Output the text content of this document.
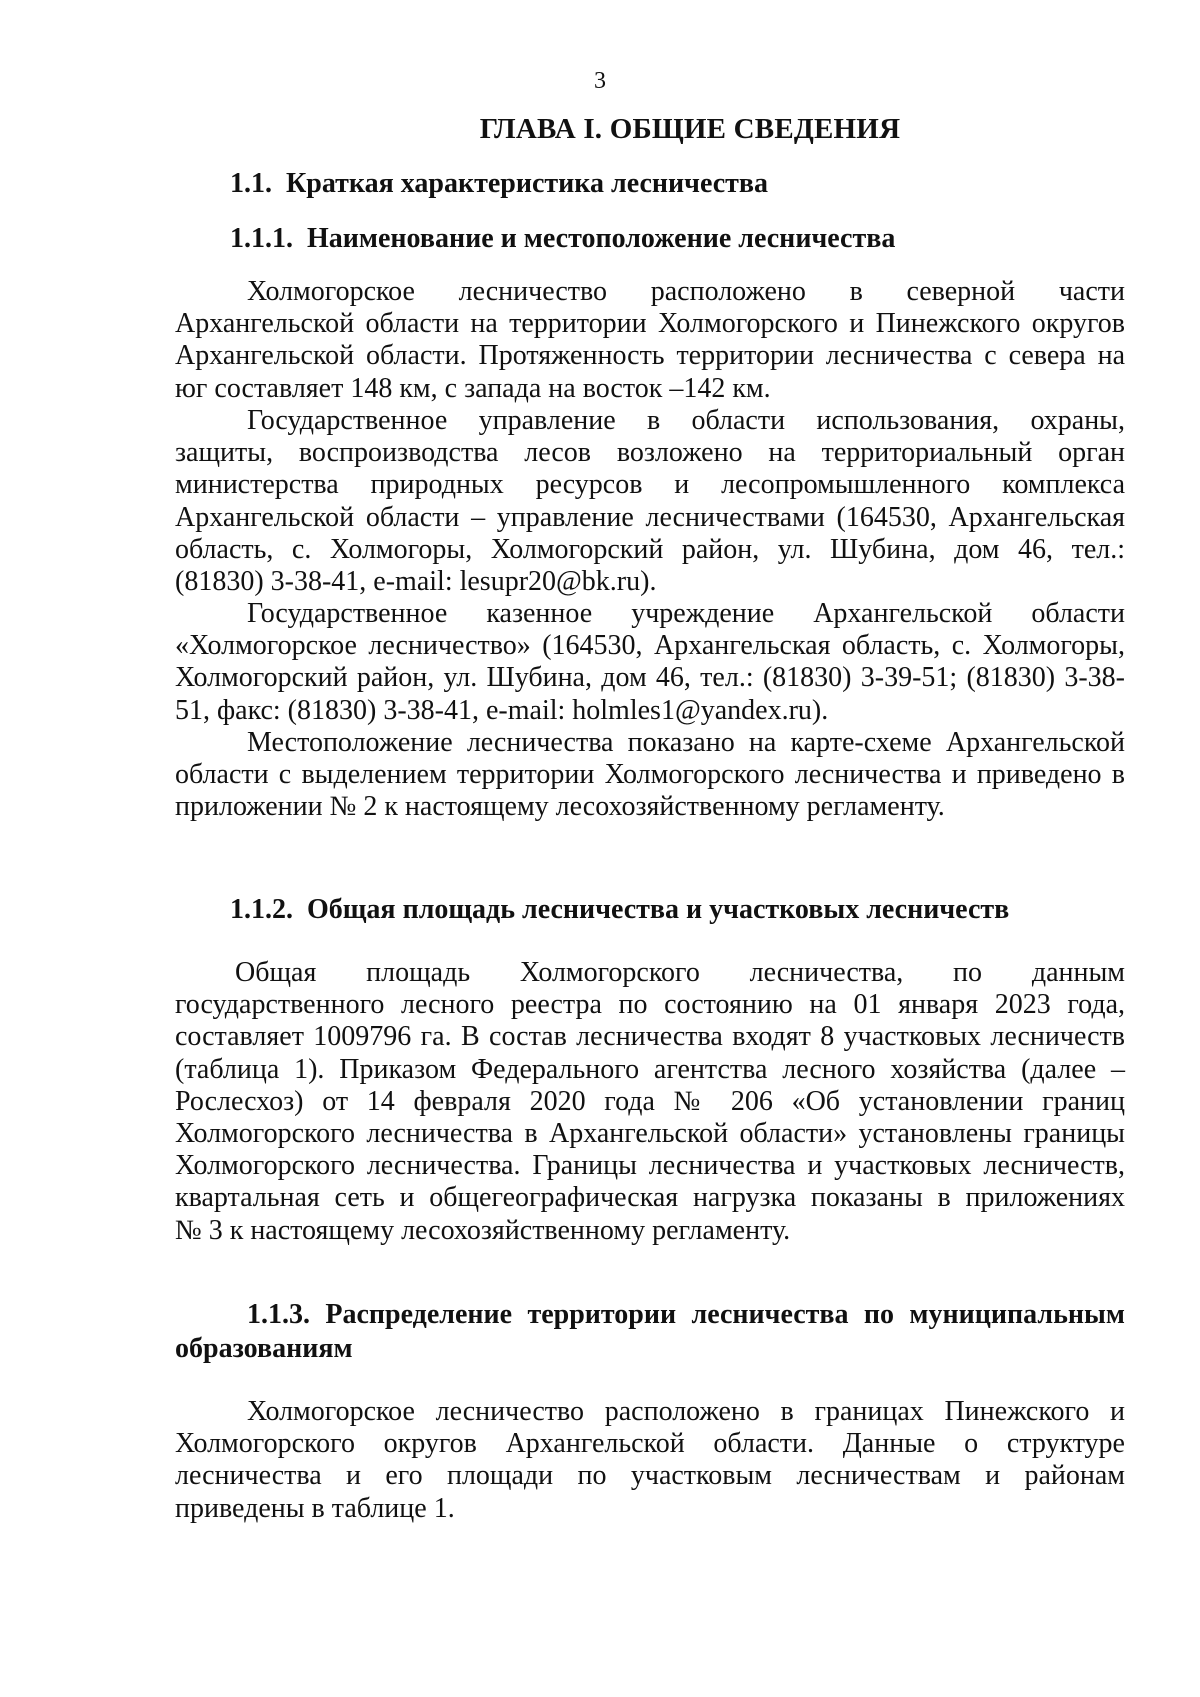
3
ГЛАВА I. ОБЩИЕ СВЕДЕНИЯ
1.1. Краткая характеристика лесничества
1.1.1. Наименование и местоположение лесничества
Холмогорское лесничество расположено в северной части
Архангельской области на территории Холмогорского и Пинежского округов
Архангельской области. Протяженность территории лесничества с севера на
юг составляет 148 км, с запада на восток –142 км.
Государственное управление в области использования, охраны,
защиты, воспроизводства лесов возложено на территориальный орган
министерства природных ресурсов и лесопромышленного комплекса
Архангельской области – управление лесничествами (164530, Архангельская
область, с. Холмогоры, Холмогорский район, ул. Шубина, дом 46, тел.:
(81830) 3-38-41, e-mail: lesupr20@bk.ru).
Государственное казенное учреждение Архангельской области
«Холмогорское лесничество» (164530, Архангельская область, с. Холмогоры,
Холмогорский район, ул. Шубина, дом 46, тел.: (81830) 3-39-51; (81830) 3-38-
51, факс: (81830) 3-38-41, e-mail: holmles1@yandex.ru).
Местоположение лесничества показано на карте-схеме Архангельской
области с выделением территории Холмогорского лесничества и приведено в
приложении № 2 к настоящему лесохозяйственному регламенту.
1.1.2. Общая площадь лесничества и участковых лесничеств
Общая площадь Холмогорского лесничества, по данным
государственного лесного реестра по состоянию на 01 января 2023 года,
составляет 1009796 га. В состав лесничества входят 8 участковых лесничеств
(таблица 1). Приказом Федерального агентства лесного хозяйства (далее –
Рослесхоз) от 14 февраля 2020 года № 206 «Об установлении границ
Холмогорского лесничества в Архангельской области» установлены границы
Холмогорского лесничества. Границы лесничества и участковых лесничеств,
квартальная сеть и общегеографическая нагрузка показаны в приложениях
№ 3 к настоящему лесохозяйственному регламенту.
1.1.3. Распределение территории лесничества по муниципальным
образованиям
Холмогорское лесничество расположено в границах Пинежского и
Холмогорского округов Архангельской области. Данные о структуре
лесничества и его площади по участковым лесничествам и районам
приведены в таблице 1.
